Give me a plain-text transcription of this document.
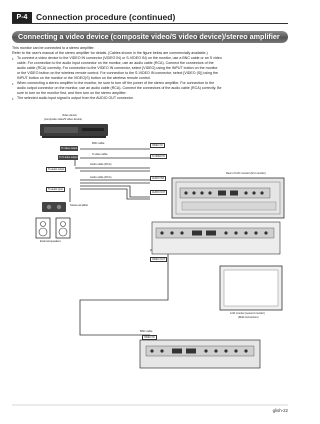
P-4	Connection procedure (continued)
Connecting a video device (composite video/S video device)/stereo amplifier
This monitor can be connected to a stereo amplifier.
Refer to the user's manual of the stereo amplifier for details. (Cables shown in the figure below are commercially available.)
• To connect a video device to the VIDEO IN connector (VIDEO IN) or S-VIDEO IN) on the monitor, use a BNC cable or an S video
cable. For connection to the audio input connector on the monitor, use an audio cable (RCA). Connect the connectors of the
audio cable (RCA) correctly. For connection to the VIDEO IN connector, select [VIDEO] using the INPUT button on the monitor
or the VIDEO button on the wireless remote control. For connection to the S-VIDEO IN connector, select [VIDEO (S)] using the
INPUT button on the monitor or the VIDEO(S) button on the wireless remote control.
• When connecting a stereo amplifier to the monitor, be sure to turn off the power of the stereo amplifier. For connection to the
audio output connector on the monitor, use an audio cable (RCA). Connect the connectors of the audio cable (RCA) correctly. Be
sure to turn on the monitor first, and then turn on the stereo amplifier.
• The selected audio input signal is output from the AUDIO OUT connector.
Video device
(composite video/S video device)
To video output
To S video output
BNC cable
S video cable
Audio cable (RCA)
Audio cable (RCA)
To audio output
To audio input
Stereo amplifier
External speakers
VIDEO IN
S-VIDEO IN
AUDIO IN3
AUDIO OUT
VIDEO OUT
Rear of LCD monitor (first monitor)
LCD monitor (second monitor)
(Multi connection)
BNC cable
VIDEO IN
glish-22
